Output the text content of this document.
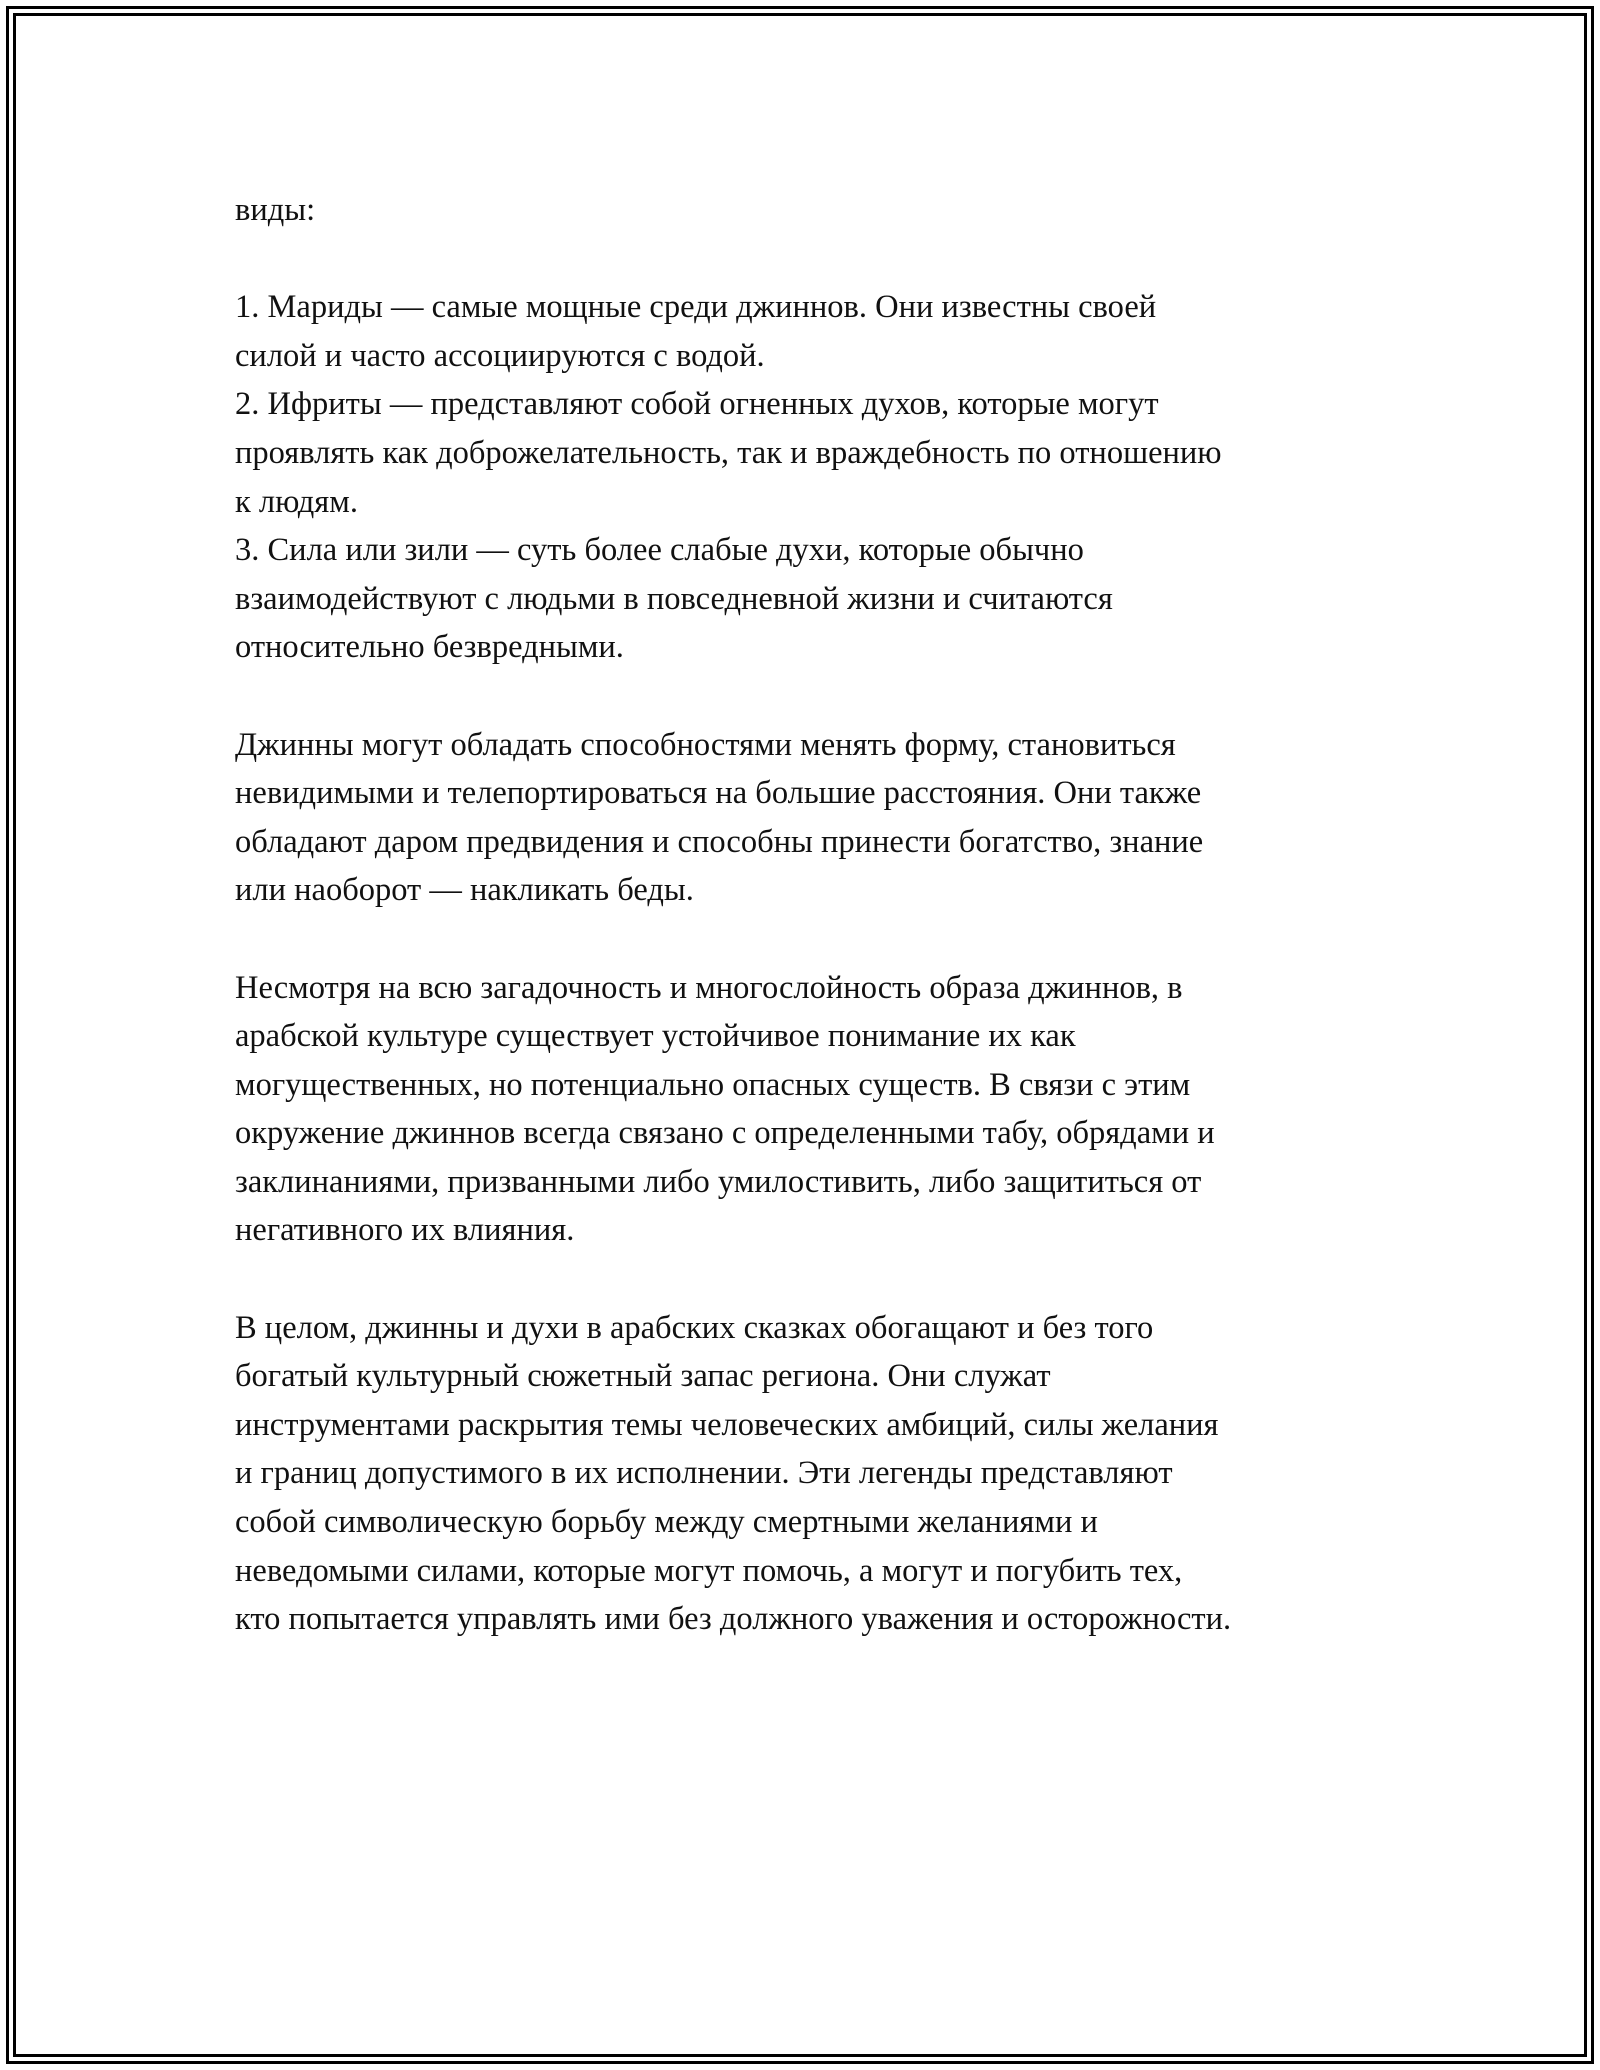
виды:
1. Мариды — самые мощные среди джиннов. Они известны своей
силой и часто ассоциируются с водой.
2. Ифриты — представляют собой огненных духов, которые могут
проявлять как доброжелательность, так и враждебность по отношению
к людям.
3. Сила или зили — суть более слабые духи, которые обычно
взаимодействуют с людьми в повседневной жизни и считаются
относительно безвредными.
Джинны могут обладать способностями менять форму, становиться
невидимыми и телепортироваться на большие расстояния. Они также
обладают даром предвидения и способны принести богатство, знание
или наоборот — накликать беды.
Несмотря на всю загадочность и многослойность образа джиннов, в
арабской культуре существует устойчивое понимание их как
могущественных, но потенциально опасных существ. В связи с этим
окружение джиннов всегда связано с определенными табу, обрядами и
заклинаниями, призванными либо умилостивить, либо защититься от
негативного их влияния.
В целом, джинны и духи в арабских сказках обогащают и без того
богатый культурный сюжетный запас региона. Они служат
инструментами раскрытия темы человеческих амбиций, силы желания
и границ допустимого в их исполнении. Эти легенды представляют
собой символическую борьбу между смертными желаниями и
неведомыми силами, которые могут помочь, а могут и погубить тех,
кто попытается управлять ими без должного уважения и осторожности.
